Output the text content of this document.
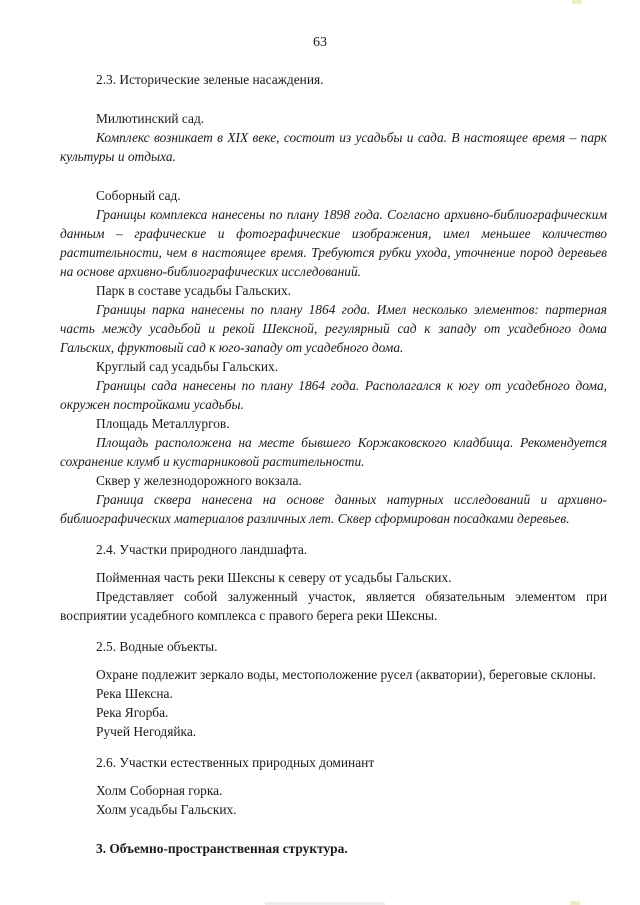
63

2.3. Исторические зеленые насаждения.

Милютинский сад.

Комплекс возникает в XIX веке, состоит из усадьбы и сада. В настоящее время – парк культуры и отдыха.

Соборный сад.

Границы комплекса нанесены по плану 1898 года. Согласно архивно-библиографическим данным – графические и фотографические изображения, имел меньшее количество растительности, чем в настоящее время. Требуются рубки ухода, уточнение пород деревьев на основе архивно-библиографических исследований.

Парк в составе усадьбы Гальских.

Границы парка нанесены по плану 1864 года. Имел несколько элементов: партерная часть между усадьбой и рекой Шексной, регулярный сад к западу от усадебного дома Гальских, фруктовый сад к юго-западу от усадебного дома.

Круглый сад усадьбы Гальских.

Границы сада нанесены по плану 1864 года. Располагался к югу от усадебного дома, окружен постройками усадьбы.

Площадь Металлургов.

Площадь расположена на месте бывшего Коржаковского кладбища. Рекомендуется сохранение клумб и кустарниковой растительности.

Сквер у железнодорожного вокзала.

Граница сквера нанесена на основе данных натурных исследований и архивно-библиографических материалов различных лет. Сквер сформирован посадками деревьев.

2.4. Участки природного ландшафта.

Пойменная часть реки Шексны к северу от усадьбы Гальских.

Представляет собой залуженный участок, является обязательным элементом при восприятии усадебного комплекса с правого берега реки Шексны.

2.5. Водные объекты.

Охране подлежит зеркало воды, местоположение русел (акватории), береговые склоны.

Река Шексна.

Река Ягорба.

Ручей Негодяйка.

2.6. Участки естественных природных доминант

Холм Соборная горка.

Холм усадьбы Гальских.

3. Объемно-пространственная структура.
